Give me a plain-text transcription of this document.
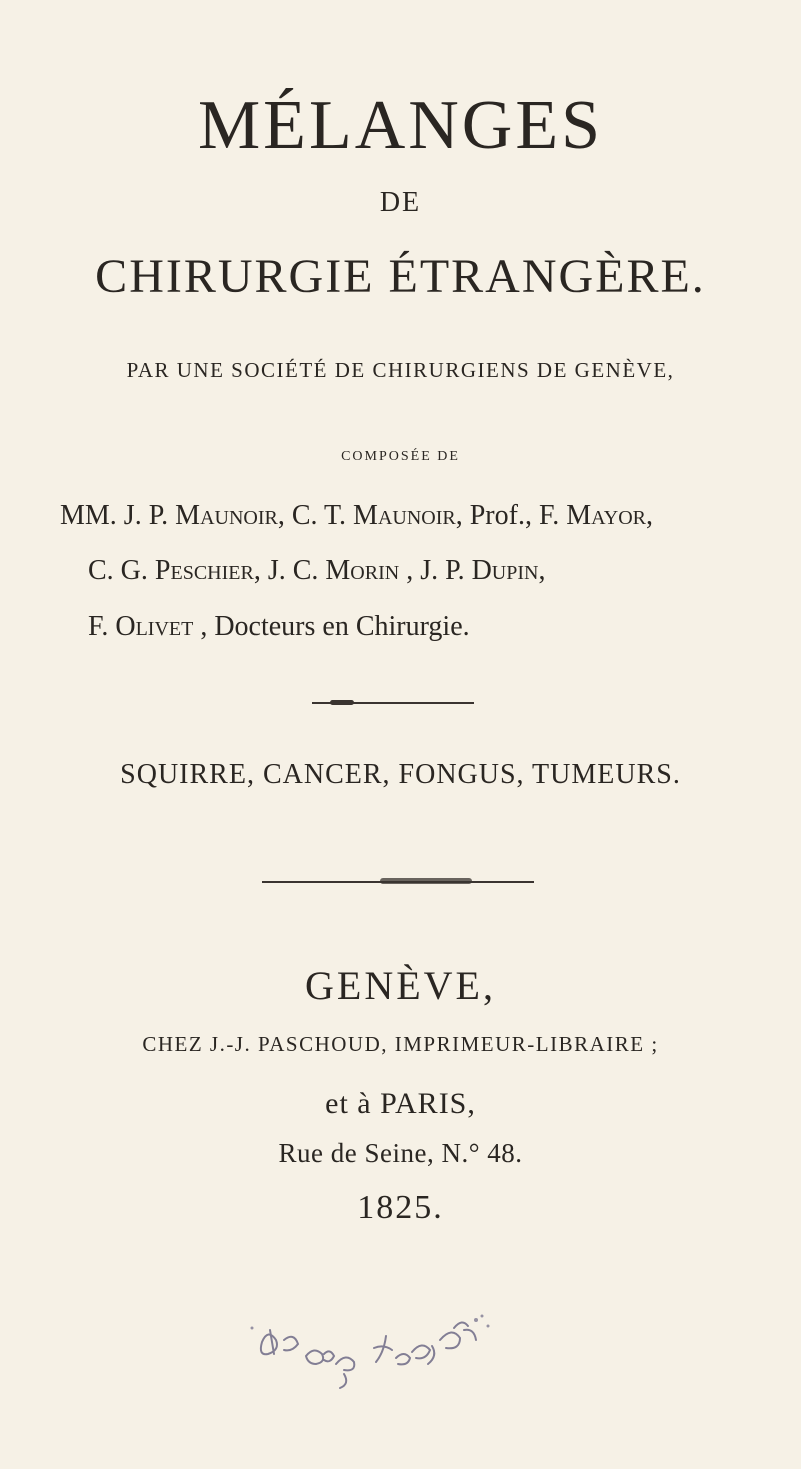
MÉLANGES
DE
CHIRURGIE ÉTRANGÈRE.
PAR UNE SOCIÉTÉ DE CHIRURGIENS DE GENÈVE,
COMPOSÉE DE
MM. J. P. Maunoir, C. T. Maunoir, Prof., F. Mayor,
C. G. Peschier, J. C. Morin , J. P. Dupin,
F. Olivet , Docteurs en Chirurgie.
SQUIRRE, CANCER, FONGUS, TUMEURS.
GENÈVE,
CHEZ J.-J. PASCHOUD, IMPRIMEUR-LIBRAIRE ;
et à PARIS,
Rue de Seine, N.° 48.
1825.
